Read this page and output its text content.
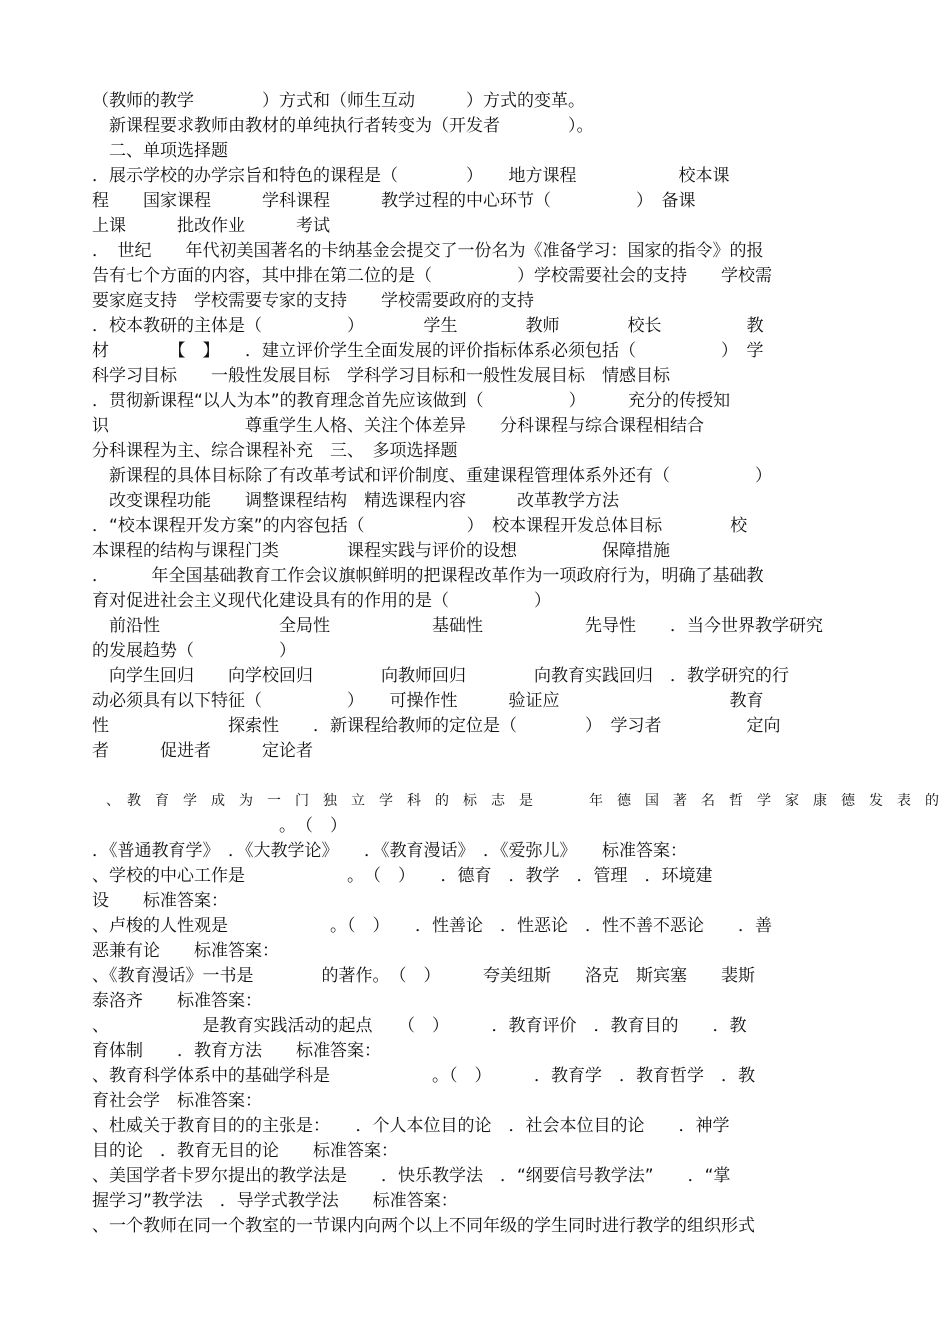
（教师的教学　　　　）方式和（师生互动　　　）方式的变革。
　新课程要求教师由教材的单纯执行者转变为（开发者　　　　）。
　二、单项选择题
．展示学校的办学宗旨和特色的课程是（　　　　）　　地方课程　　　　　　校本课
程　　国家课程　　　学科课程　　　教学过程的中心环节（　　　　　）　备课
上课　　　批改作业　　　考试
．　世纪　　年代初美国著名的卡纳基金会提交了一份名为《准备学习：国家的指令》的报
告有七个方面的内容，其中排在第二位的是（　　　　　）学校需要社会的支持　　学校需
要家庭支持　学校需要专家的支持　　学校需要政府的支持
．校本教研的主体是（　　　　　）　　　　学生　　　　教师　　　　校长　　　　　教
材　　　　【　】　　．建立评价学生全面发展的评价指标体系必须包括（　　　　　）　学
科学习目标　　一般性发展目标　学科学习目标和一般性发展目标　情感目标
．贯彻新课程“以人为本”的教育理念首先应该做到（　　　　　）　　　充分的传授知
识　　　　　　　　尊重学生人格、关注个体差异　　分科课程与综合课程相结合
分科课程为主、综合课程补充　三、　多项选择题
　新课程的具体目标除了有改革考试和评价制度、重建课程管理体系外还有（　　　　　）
　改变课程功能　　调整课程结构　精选课程内容　　　改革教学方法
．“校本课程开发方案”的内容包括（　　　　　　）　校本课程开发总体目标　　　　校
本课程的结构与课程门类　　　　课程实践与评价的设想　　　　　保障措施
．　　　年全国基础教育工作会议旗帜鲜明的把课程改革作为一项政府行为，明确了基础教
育对促进社会主义现代化建设具有的作用的是（　　　　　）
　前沿性　　　　　　　全局性　　　　　　基础性　　　　　　先导性　　．当今世界教学研究
的发展趋势（　　　　　）
　向学生回归　　向学校回归　　　　向教师回归　　　　向教育实践回归　．教学研究的行
动必须具有以下特征（　　　　　）　　可操作性　　　验证应　　　　　　　　　　教育
性　　　　　　　探索性　　．新课程给教师的定位是（　　　　）　学习者　　　　　定向
者　　　促进者　　　定论者
　、　教　育　学　成　为　一　门　独　立　学　科　的　标　志　是　　　　年　德　国　著　名　哲　学　家　康　德　发　表　的
　　　　　　　　　　　。　（　）
．《普通教育学》　．《大教学论》　　．《教育漫话》　．《爱弥儿》　　标准答案：
、学校的中心工作是　　　　　　。　（　）　　．德育　．教学　．管理　．环境建
设　　标准答案：
、卢梭的人性观是　　　　　　。（　）　　．性善论　．性恶论　．性不善不恶论　　．善
恶兼有论　　标准答案：
、《教育漫话》一书是　　　　的著作。　（　）　　　夸美纽斯　　洛克　斯宾塞　　裴斯
泰洛齐　　标准答案：
、　　　　　　是教育实践活动的起点　　（　）　　　．教育评价　．教育目的　　．教
育体制　　．教育方法　　标准答案：
、教育科学体系中的基础学科是　　　　　　。（　）　　　．教育学　．教育哲学　．教
育社会学　标准答案：
、杜威关于教育目的的主张是：　　．个人本位目的论　．社会本位目的论　　．神学
目的论　．教育无目的论　　标准答案：
、美国学者卡罗尔提出的教学法是　　．快乐教学法　．“纲要信号教学法”　　．“掌
握学习”教学法　．导学式教学法　　标准答案：
、一个教师在同一个教室的一节课内向两个以上不同年级的学生同时进行教学的组织形式
